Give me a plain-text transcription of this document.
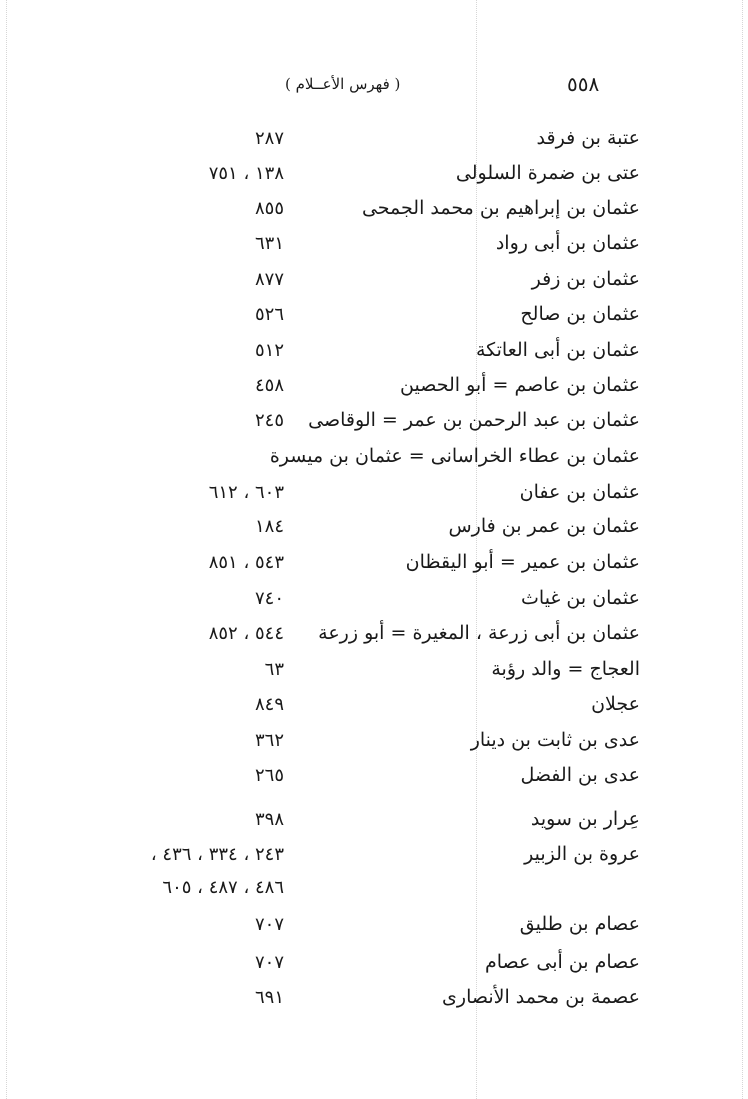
٥٥٨
( فهرس الأعــلام )
عتبة بن فرقد
٢٨٧
عتى بن ضمرة السلولى
١٣٨ ، ٧٥١
عثمان بن إبراهيم بن محمد الجمحى
٨٥٥
عثمان بن أبى رواد
٦٣١
عثمان بن زفر
٨٧٧
عثمان بن صالح
٥٢٦
عثمان بن أبى العاتكة
٥١٢
عثمان بن عاصم = أبو الحصين
٤٥٨
عثمان بن عبد الرحمن بن عمر = الوقاصى
٢٤٥
عثمان بن عطاء الخراسانى = عثمان بن ميسرة
عثمان بن عفان
٦٠٣ ، ٦١٢
عثمان بن عمر بن فارس
١٨٤
عثمان بن عمير = أبو اليقظان
٥٤٣ ، ٨٥١
عثمان بن غياث
٧٤٠
عثمان بن أبى زرعة ، المغيرة = أبو زرعة
٥٤٤ ، ٨٥٢
العجاج = والد رؤبة
٦٣
عجلان
٨٤٩
عدى بن ثابت بن دينار
٣٦٢
عدى بن الفضل
٢٦٥
عِرار بن سويد
٣٩٨
عروة بن الزبير
٢٤٣ ، ٣٣٤ ، ٤٣٦ ،
٤٨٦ ، ٤٨٧ ، ٦٠٥
عصام بن طليق
٧٠٧
عصام بن أبى عصام
٧٠٧
عصمة بن محمد الأنصارى
٦٩١
